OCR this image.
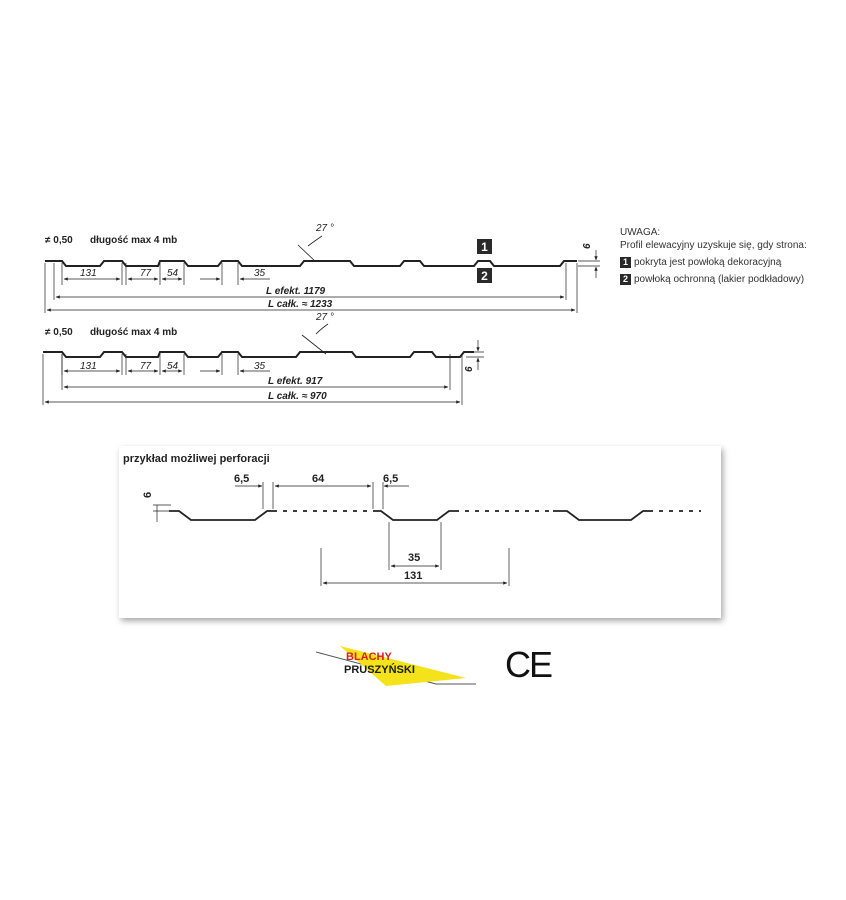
≠ 0,50 długość max 4 mb
27 °
131	77 54	35
L efekt. 1179
L całk. ≈ 1233
6
1
2
≠ 0,50 długość max 4 mb
27 °
131	77 54	35
L efekt. 917
L całk. ≈ 970
6
UWAGA:
Profil elewacyjny uzyskuje się, gdy strona:
1 pokryta jest powłoką dekoracyjną
2 powłoką ochronną (lakier podkładowy)
przykład możliwej perforacji
6
6,5	64	6,5
35
131
BLACHY
PRUSZYŃSKI	CE
